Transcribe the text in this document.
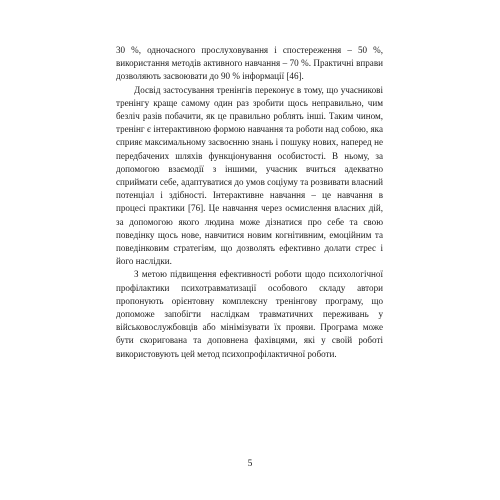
30 %, одночасного прослуховування і спостереження – 50 %, використання методів активного навчання – 70 %. Практичні вправи дозволяють засвоювати до 90 % інформації [46].

Досвід застосування тренінгів переконує в тому, що учасникові тренінгу краще самому один раз зробити щось неправильно, чим безліч разів побачити, як це правильно роблять інші. Таким чином, тренінг є інтерактивною формою навчання та роботи над собою, яка сприяє максимальному засвоєнню знань і пошуку нових, наперед не передбачених шляхів функціонування особистості. В ньому, за допомогою взаємодії з іншими, учасник вчиться адекватно сприймати себе, адаптуватися до умов соціуму та розвивати власний потенціал і здібності. Інтерактивне навчання – це навчання в процесі практики [76]. Це навчання через осмислення власних дій, за допомогою якого людина може дізнатися про себе та свою поведінку щось нове, навчитися новим когнітивним, емоційним та поведінковим стратегіям, що дозволять ефективно долати стрес і його наслідки.

З метою підвищення ефективності роботи щодо психологічної профілактики психотравматизації особового складу автори пропонують орієнтовну комплексну тренінгову програму, що допоможе запобігти наслідкам травматичних переживань у військовослужбовців або мінімізувати їх прояви. Програма може бути скоригована та доповнена фахівцями, які у своїй роботі використовують цей метод психопрофілактичної роботи.

5
